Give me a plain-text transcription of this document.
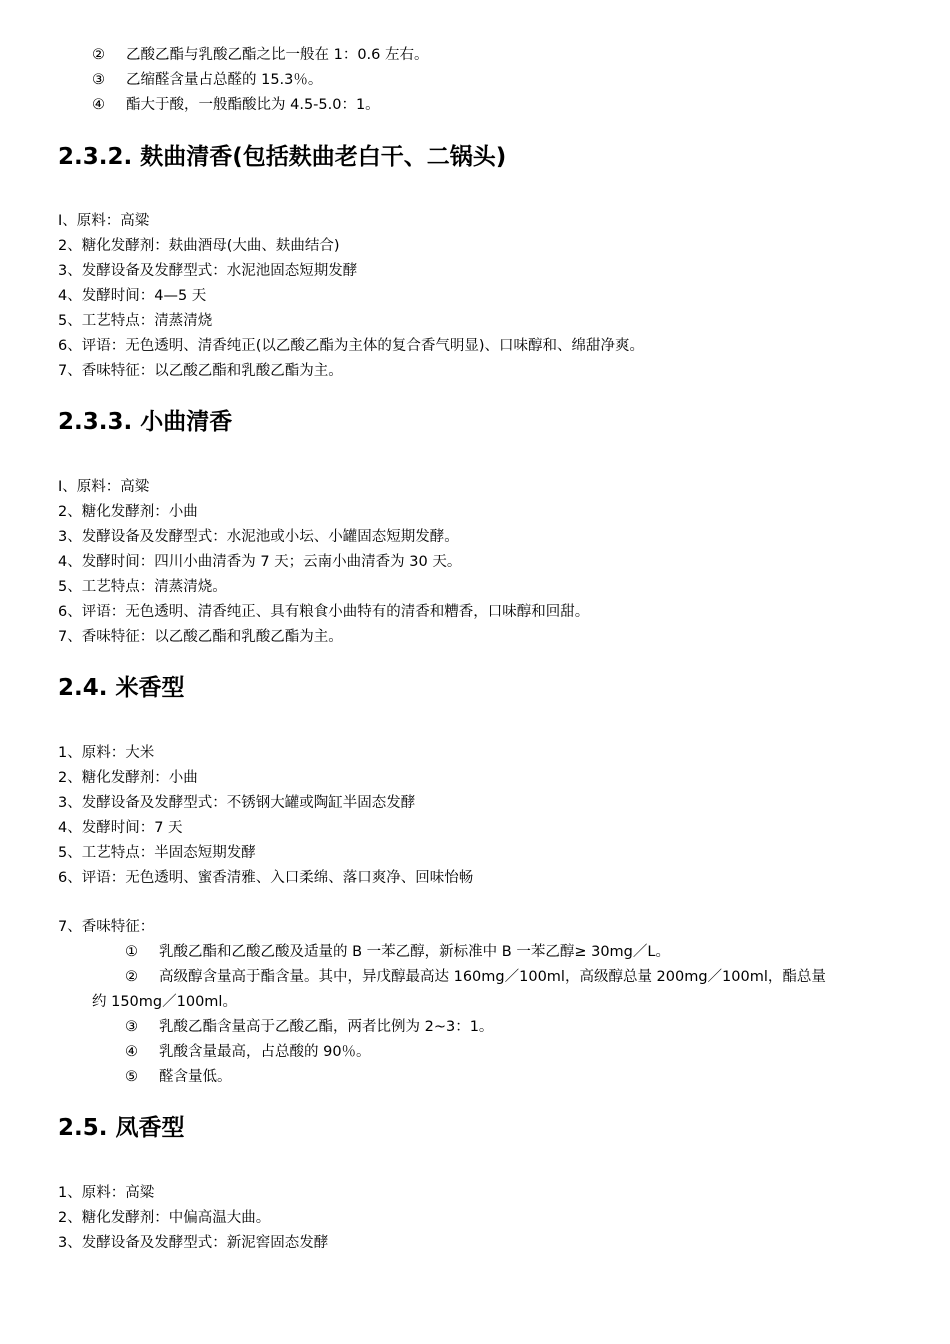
② 乙酸乙酯与乳酸乙酯之比一般在 1：0.6 左右。
③ 乙缩醛含量占总醛的 15.3％。
④ 酯大于酸，一般酯酸比为 4.5-5.0：1。
2.3.2. 麸曲清香(包括麸曲老白干、二锅头)
I、原料：高粱
2、糖化发酵剂：麸曲酒母(大曲、麸曲结合)
3、发酵设备及发酵型式：水泥池固态短期发酵
4、发酵时间：4—5 天
5、工艺特点：清蒸清烧
6、评语：无色透明、清香纯正(以乙酸乙酯为主体的复合香气明显)、口味醇和、绵甜净爽。
7、香味特征：以乙酸乙酯和乳酸乙酯为主。
2.3.3. 小曲清香
I、原料：高粱
2、糖化发酵剂：小曲
3、发酵设备及发酵型式：水泥池或小坛、小罐固态短期发酵。
4、发酵时间：四川小曲清香为 7 天；云南小曲清香为 30 天。
5、工艺特点：清蒸清烧。
6、评语：无色透明、清香纯正、具有粮食小曲特有的清香和糟香，口味醇和回甜。
7、香味特征：以乙酸乙酯和乳酸乙酯为主。
2.4. 米香型
1、原料：大米
2、糖化发酵剂：小曲
3、发酵设备及发酵型式：不锈钢大罐或陶缸半固态发酵
4、发酵时间：7 天
5、工艺特点：半固态短期发酵
6、评语：无色透明、蜜香清雅、入口柔绵、落口爽净、回味怡畅
7、香味特征：
① 乳酸乙酯和乙酸乙酸及适量的 B 一苯乙醇，新标准中 B 一苯乙醇≥ 30mg／L。
② 高级醇含量高于酯含量。其中，异戊醇最高达 160mg／100ml，高级醇总量 200mg／100ml，酯总量
约 150mg／100ml。
③ 乳酸乙酯含量高于乙酸乙酯，两者比例为 2~3：1。
④ 乳酸含量最高，占总酸的 90％。
⑤ 醛含量低。
2.5. 凤香型
1、原料：高粱
2、糖化发酵剂：中偏高温大曲。
3、发酵设备及发酵型式：新泥窖固态发酵
